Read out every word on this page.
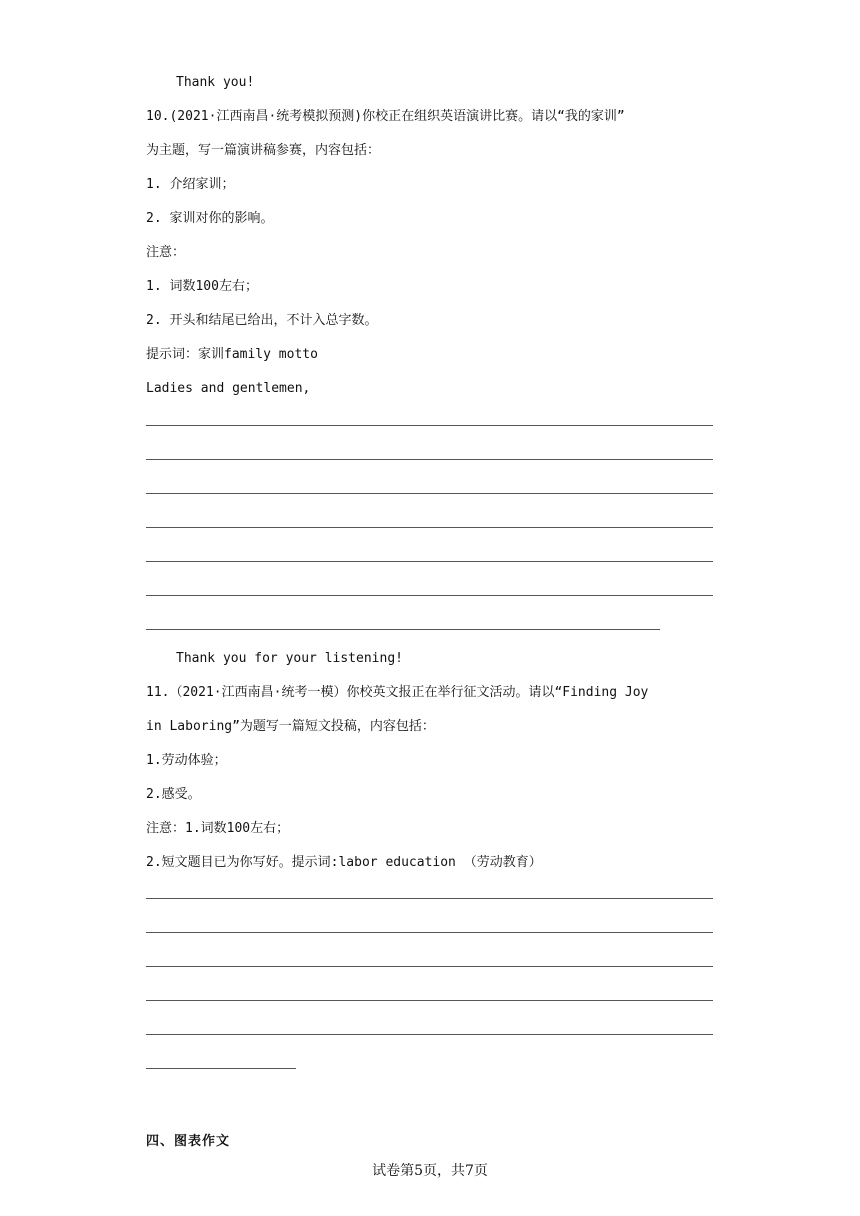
Thank you!
10.(2021·江西南昌·统考模拟预测)你校正在组织英语演讲比赛。请以“我的家训”
为主题，写一篇演讲稿参赛，内容包括：
1. 介绍家训；
2. 家训对你的影响。
注意：
1. 词数100左右；
2. 开头和结尾已给出，不计入总字数。
提示词：家训family motto
Ladies and gentlemen,
Thank you for your listening!
11.（2021·江西南昌·统考一模）你校英文报正在举行征文活动。请以“Finding Joy
in Laboring”为题写一篇短文投稿，内容包括：
1.劳动体验；
2.感受。
注意：1.词数100左右；
2.短文题目已为你写好。提示词:labor education （劳动教育）
四、图表作文
试卷第5页，共7页
